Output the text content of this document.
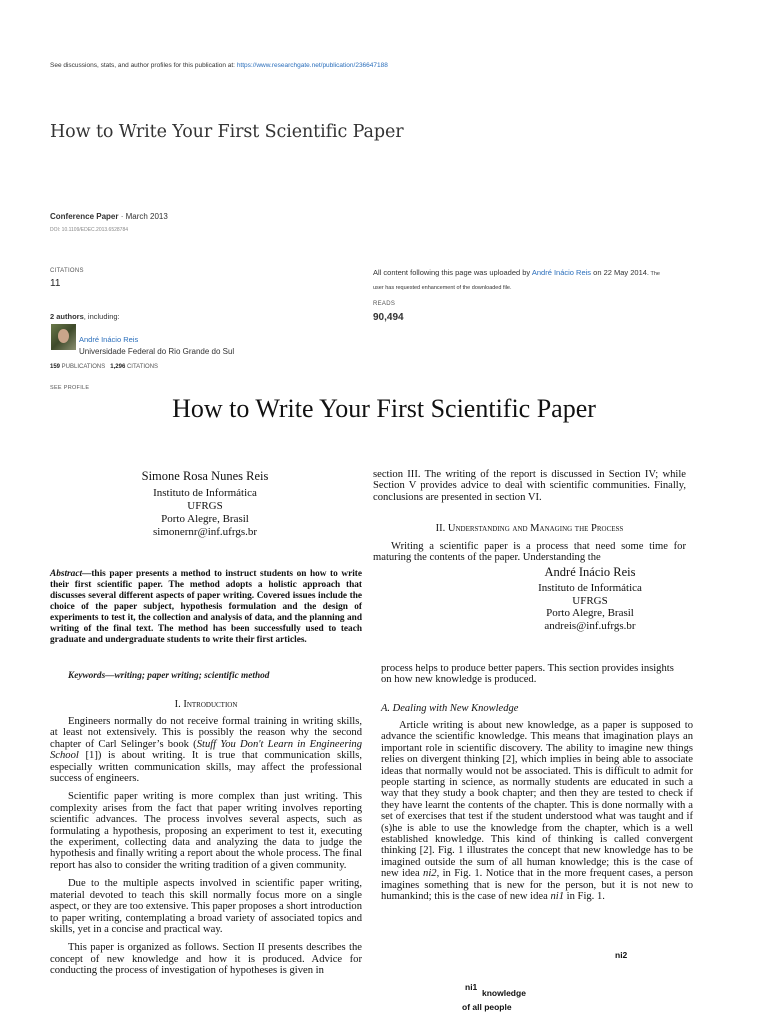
See discussions, stats, and author profiles for this publication at: https://www.researchgate.net/publication/236647188
How to Write Your First Scientific Paper
Conference Paper · March 2013
DOI: 10.1109/EDEC.2013.6528784
CITATIONS
11
2 authors, including:
André Inácio Reis
Universidade Federal do Rio Grande do Sul
159 PUBLICATIONS 1,296 CITATIONS
SEE PROFILE
All content following this page was uploaded by André Inácio Reis on 22 May 2014. The
user has requested enhancement of the downloaded file.
READS
90,494
How to Write Your First Scientific Paper
Simone Rosa Nunes Reis
Instituto de Informática
UFRGS
Porto Alegre, Brasil
simonernr@inf.ufrgs.br
Abstract—this paper presents a method to instruct students on how to write their first scientific paper. The method adopts a holistic approach that discusses several different aspects of paper writing. Covered issues include the choice of the paper subject, hypothesis formulation and the design of experiments to test it, the collection and analysis of data, and the planning and writing of the final text. The method has been successfully used to teach graduate and undergraduate students to write their first articles.
Keywords—writing; paper writing; scientific method
I. Introduction

Engineers normally do not receive formal training in writing skills, at least not extensively. This is possibly the reason why the second chapter of Carl Selinger’s book (Stuff You Don't Learn in Engineering School [1]) is about writing. It is true that communication skills, especially written communication skills, may affect the professional success of engineers.

Scientific paper writing is more complex than just writing. This complexity arises from the fact that paper writing involves reporting scientific advances. The process involves several aspects, such as formulating a hypothesis, proposing an experiment to test it, executing the experiment, collecting data and analyzing the data to judge the hypothesis and finally writing a report about the whole process. The final report has also to consider the writing tradition of a given community.

Due to the multiple aspects involved in scientific paper writing, material devoted to teach this skill normally focus more on a single aspect, or they are too extensive. This paper proposes a short introduction to paper writing, contemplating a broad variety of associated topics and skills, yet in a concise and practical way.

This paper is organized as follows. Section II presents describes the concept of new knowledge and how it is produced. Advice for conducting the process of investigation of hypotheses is given in

section III. The writing of the report is discussed in Section IV; while Section V provides advice to deal with scientific communities. Finally, conclusions are presented in section VI.
II. Understanding and Managing the Process

Writing a scientific paper is a process that need some time for maturing the contents of the paper. Understanding the

André Inácio Reis
Instituto de Informática
UFRGS
Porto Alegre, Brasil
andreis@inf.ufrgs.br
process helps to produce better papers. This section provides insights on how new knowledge is produced.
A. Dealing with New Knowledge

Article writing is about new knowledge, as a paper is supposed to advance the scientific knowledge. This means that imagination plays an important role in scientific discovery. The ability to imagine new things relies on divergent thinking [2], which implies in being able to associate ideas that normally would not be associated. This is difficult to admit for people starting in science, as normally students are educated in such a way that they study a book chapter; and then they are tested to check if they have learnt the contents of the chapter. This is done normally with a set of exercises that test if the student understood what was taught and if (s)he is able to use the knowledge from the chapter, which is a well established knowledge. This kind of thinking is called convergent thinking [2]. Fig. 1 illustrates the concept that new knowledge has to be imagined outside the sum of all human knowledge; this is the case of new idea ni2, in Fig. 1. Notice that in the more frequent cases, a person imagines something that is new for the person, but it is not new to humankind; this is the case of new idea ni1 in Fig. 1.

ni2
ni1
knowledge
of all people
